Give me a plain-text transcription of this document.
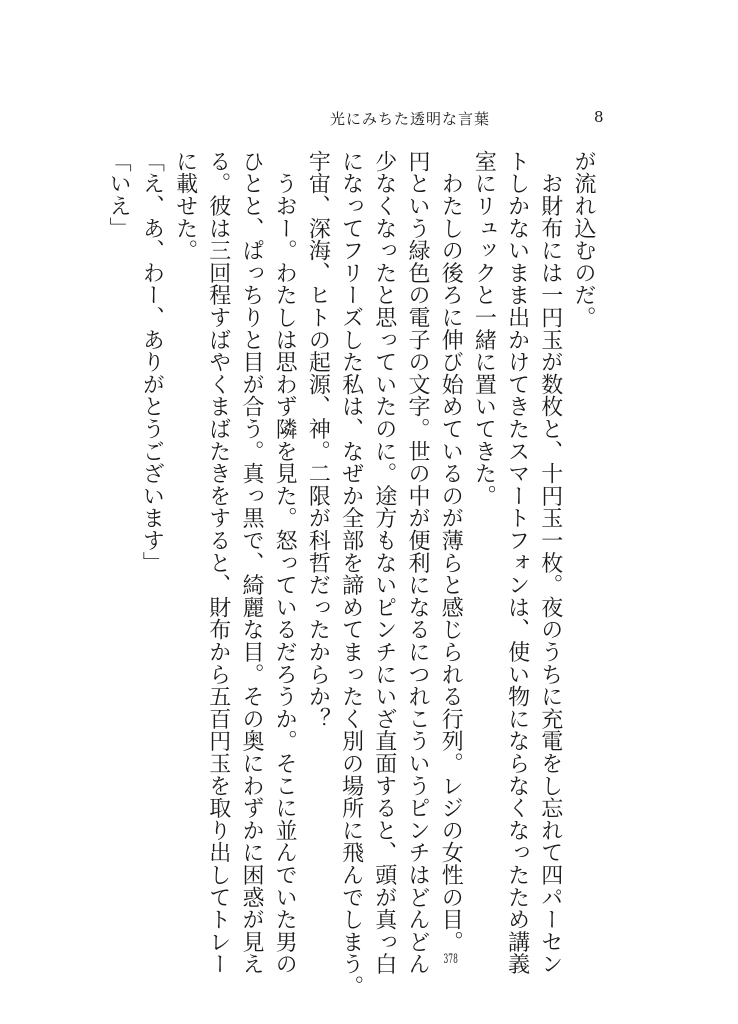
光にみちた透明な言葉	8
が流れ込むのだ。
　お財布には一円玉が数枚と、十円玉一枚。夜のうちに充電をし忘れて四パーセン
トしかないまま出かけてきたスマートフォンは、使い物にならなくなったため講義
室にリュックと一緒に置いてきた。
　わたしの後ろに伸び始めているのが薄らと感じられる行列。レジの女性の目。378
円という緑色の電子の文字。世の中が便利になるにつれこういうピンチはどんどん
少なくなったと思っていたのに。途方もないピンチにいざ直面すると、頭が真っ白
になってフリーズした私は、なぜか全部を諦めてまったく別の場所に飛んでしまう。
宇宙、深海、ヒトの起源、神。二限が科哲だったからか？
　うおー。わたしは思わず隣を見た。怒っているだろうか。そこに並んでいた男の
ひとと、ぱっちりと目が合う。真っ黒で、綺麗な目。その奥にわずかに困惑が見え
る。彼は三回程すばやくまばたきをすると、財布から五百円玉を取り出してトレー
に載せた。
「え、あ、わー、ありがとうございます」
「いえ」
